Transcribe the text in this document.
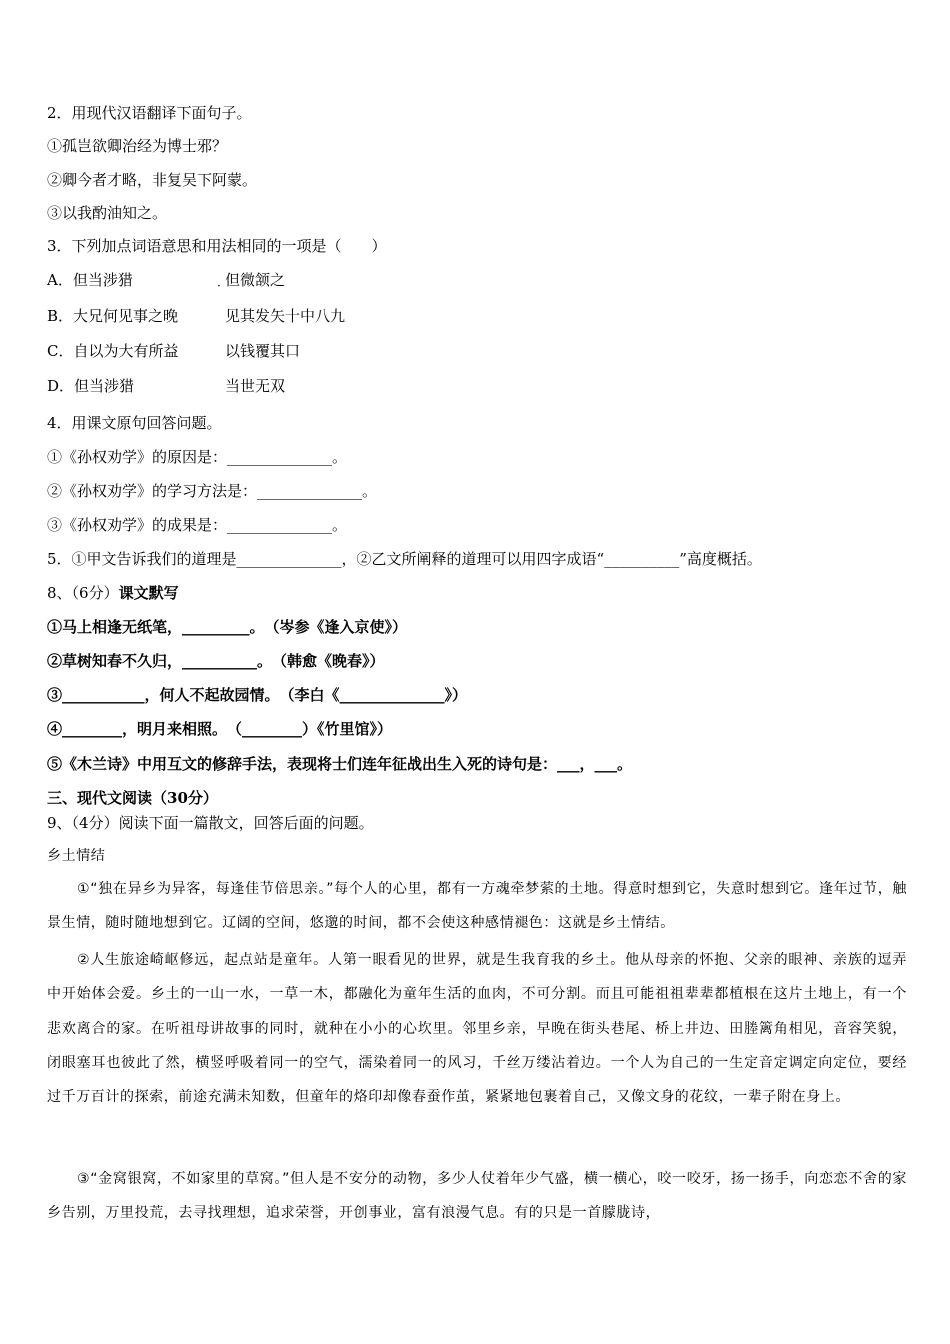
2．用现代汉语翻译下面句子。
①孤岂欲卿治经为博士邪？
②卿今者才略，非复吴下阿蒙。
③以我酌油知之。
3．下列加点词语意思和用法相同的一项是（　　）
A．但当涉猎	· 但微颔之
B．大兄何见事之晚	见其发矢十中八九
C．自以为大有所益	以钱覆其口
D．但当涉猎	当世无双
4．用课文原句回答问题。
①《孙权劝学》的原因是：______________。
②《孙权劝学》的学习方法是：______________。
③《孙权劝学》的成果是：______________。
5．①甲文告诉我们的道理是______________，②乙文所阐释的道理可以用四字成语“__________”高度概括。
8、（6分）课文默写
①马上相逢无纸笔，_________。　（岑参《逢入京使》）
②草树知春不久归，__________。　（韩愈《晚春》）
③___________，何人不起故园情。　（李白《______________》）
④________，明月来相照。　（________）《竹里馆》）
⑤《木兰诗》中用互文的修辞手法，表现将士们连年征战出生入死的诗句是：___，___。
三、现代文阅读（30分）
9、（4分）阅读下面一篇散文，回答后面的问题。
乡土情结

①“独在异乡为异客，每逢佳节倍思亲。”每个人的心里，都有一方魂牵梦萦的土地。得意时想到它，失意时想到它。逢年过节，触景生情，随时随地想到它。辽阔的空间，悠邈的时间，都不会使这种感情褪色：这就是乡土情结。

②人生旅途崎岖修远，起点站是童年。人第一眼看见的世界，就是生我育我的乡土。他从母亲的怀抱、父亲的眼神、亲族的逗弄中开始体会爱。乡土的一山一水，一草一木，都融化为童年生活的血肉，不可分割。而且可能祖祖辈辈都植根在这片土地上，有一个悲欢离合的家。在听祖母讲故事的同时，就种在小小的心坎里。邻里乡亲，早晚在街头巷尾、桥上井边、田塍篱角相见，音容笑貌，闭眼塞耳也彼此了然，横竖呼吸着同一的空气，濡染着同一的风习，千丝万缕沾着边。一个人为自己的一生定音定调定向定位，要经过千万百计的探索，前途充满未知数，但童年的烙印却像春蚕作茧，紧紧地包裹着自己，又像文身的花纹，一辈子附在身上。

③“金窝银窝，不如家里的草窝。”但人是不安分的动物，多少人仗着年少气盛，横一横心，咬一咬牙，扬一扬手，向恋恋不舍的家乡告别，万里投荒，去寻找理想，追求荣誉，开创事业，富有浪漫气息。有的只是一首朦胧诗，
